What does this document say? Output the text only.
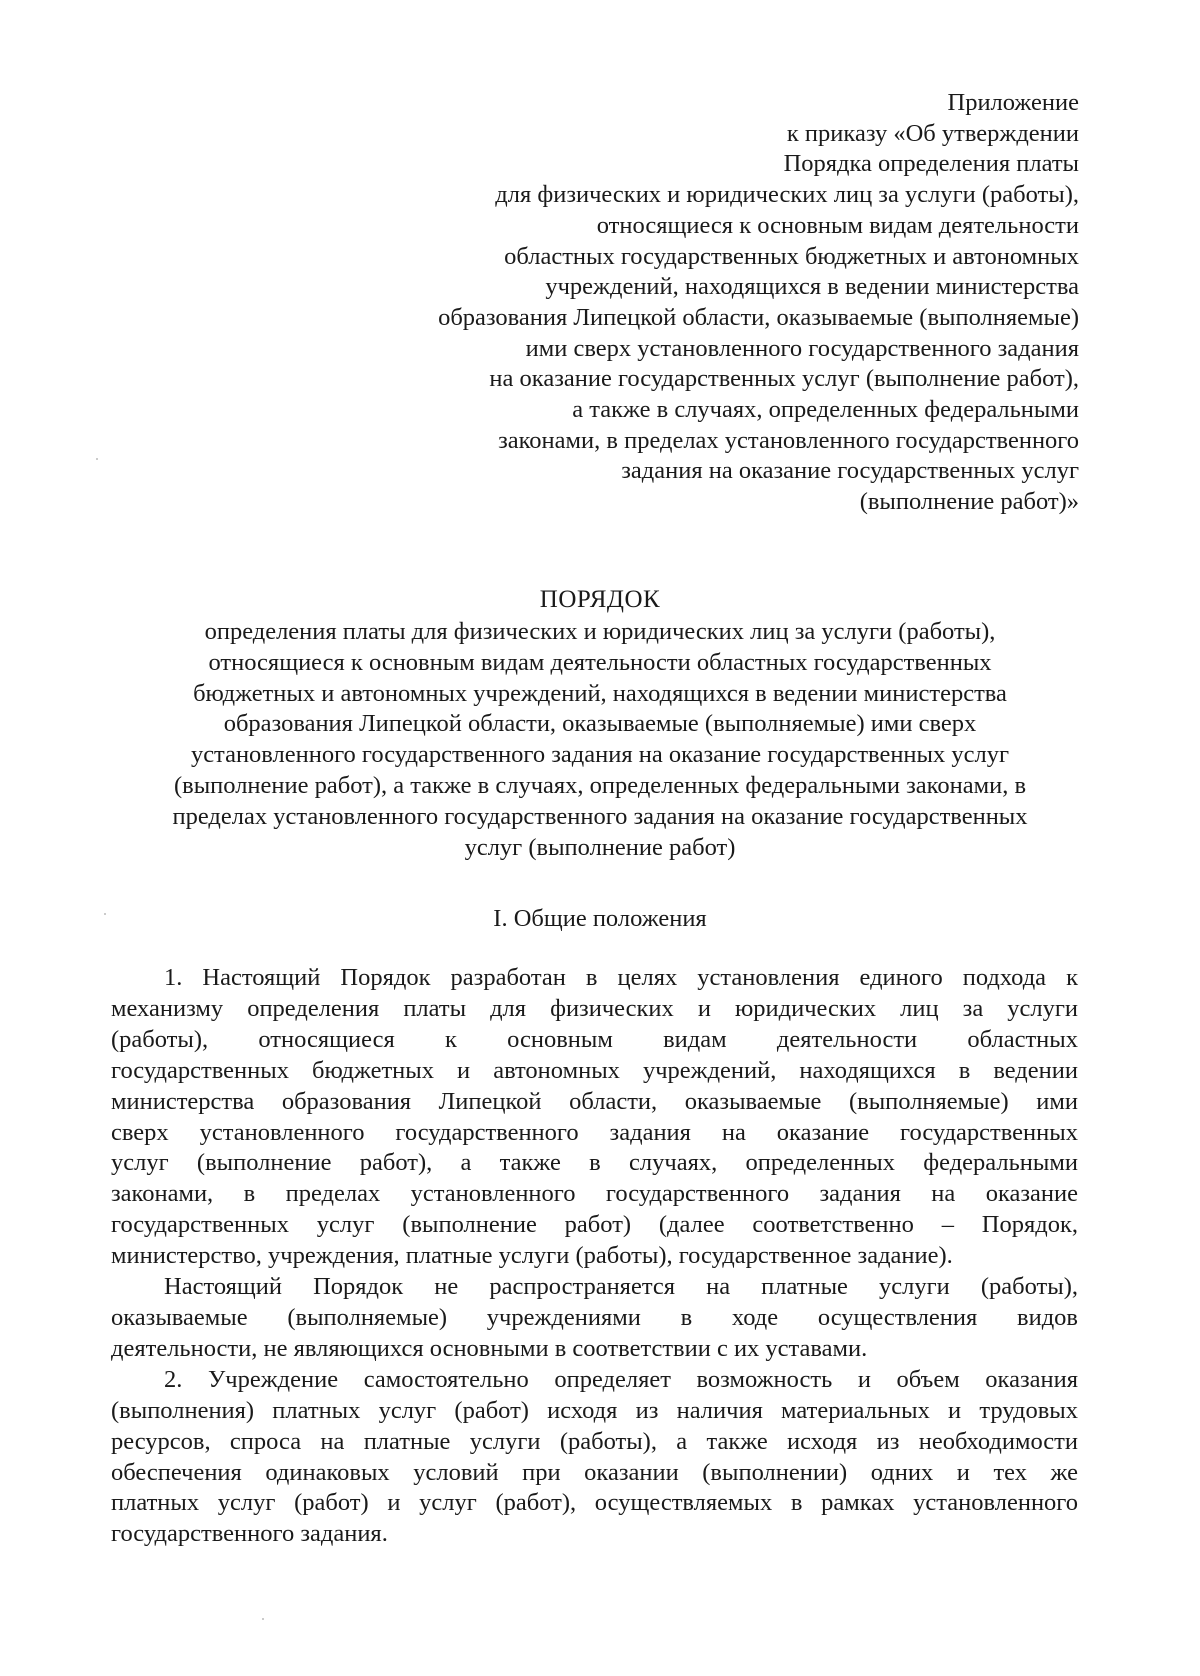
Приложение
к приказу «Об утверждении
Порядка определения платы
для физических и юридических лиц за услуги (работы),
относящиеся к основным видам деятельности
областных государственных бюджетных и автономных
учреждений, находящихся в ведении министерства
образования Липецкой области, оказываемые (выполняемые)
ими сверх установленного государственного задания
на оказание государственных услуг (выполнение работ),
а также в случаях, определенных федеральными
законами, в пределах установленного государственного
задания на оказание государственных услуг
(выполнение работ)»
ПОРЯДОК
определения платы для физических и юридических лиц за услуги (работы),
относящиеся к основным видам деятельности областных государственных
бюджетных и автономных учреждений, находящихся в ведении министерства
образования Липецкой области, оказываемые (выполняемые) ими сверх
установленного государственного задания на оказание государственных услуг
(выполнение работ), а также в случаях, определенных федеральными законами, в
пределах установленного государственного задания на оказание государственных
услуг (выполнение работ)
I. Общие положения
1. Настоящий Порядок разработан в целях установления единого подхода к
механизму определения платы для физических и юридических лиц за услуги
(работы), относящиеся к основным видам деятельности областных
государственных бюджетных и автономных учреждений, находящихся в ведении
министерства образования Липецкой области, оказываемые (выполняемые) ими
сверх установленного государственного задания на оказание государственных
услуг (выполнение работ), а также в случаях, определенных федеральными
законами, в пределах установленного государственного задания на оказание
государственных услуг (выполнение работ) (далее соответственно – Порядок,
министерство, учреждения, платные услуги (работы), государственное задание).
Настоящий Порядок не распространяется на платные услуги (работы),
оказываемые (выполняемые) учреждениями в ходе осуществления видов
деятельности, не являющихся основными в соответствии с их уставами.
2. Учреждение самостоятельно определяет возможность и объем оказания
(выполнения) платных услуг (работ) исходя из наличия материальных и трудовых
ресурсов, спроса на платные услуги (работы), а также исходя из необходимости
обеспечения одинаковых условий при оказании (выполнении) одних и тех же
платных услуг (работ) и услуг (работ), осуществляемых в рамках установленного
государственного задания.
